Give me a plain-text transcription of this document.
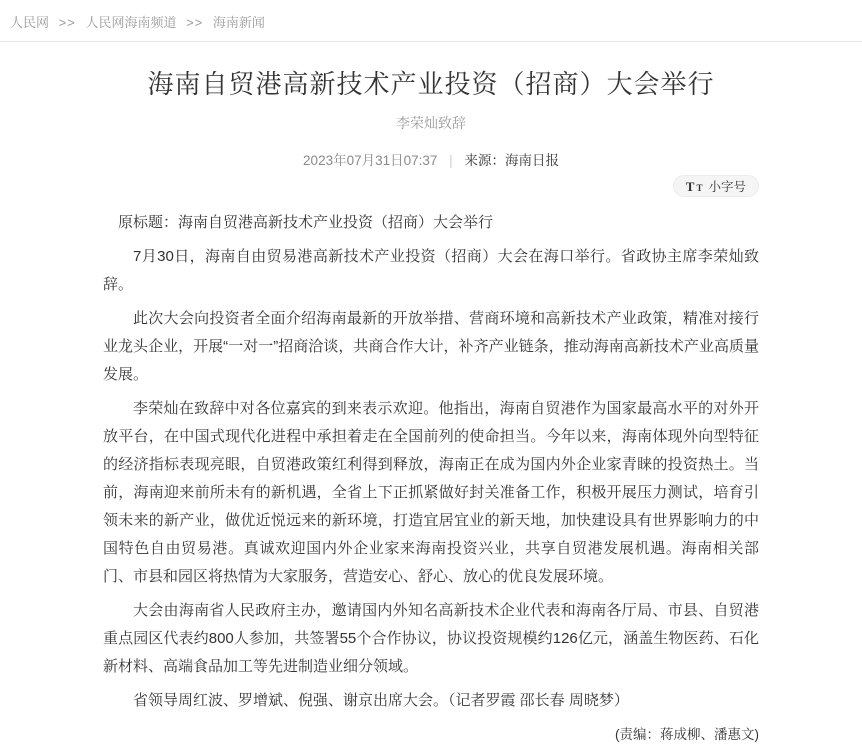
人民网 >> 人民网海南频道 >> 海南新闻
海南自贸港高新技术产业投资（招商）大会举行

李荣灿致辞

2023年07月31日07:37 | 来源：海南日报
T T 小字号

原标题：海南自贸港高新技术产业投资（招商）大会举行

7月30日，海南自由贸易港高新技术产业投资（招商）大会在海口举行。省政协主席李荣灿致辞。

此次大会向投资者全面介绍海南最新的开放举措、营商环境和高新技术产业政策，精准对接行业龙头企业，开展“一对一”招商洽谈，共商合作大计，补齐产业链条，推动海南高新技术产业高质量发展。

李荣灿在致辞中对各位嘉宾的到来表示欢迎。他指出，海南自贸港作为国家最高水平的对外开放平台，在中国式现代化进程中承担着走在全国前列的使命担当。今年以来，海南体现外向型特征的经济指标表现亮眼，自贸港政策红利得到释放，海南正在成为国内外企业家青睐的投资热土。当前，海南迎来前所未有的新机遇，全省上下正抓紧做好封关准备工作，积极开展压力测试，培育引领未来的新产业，做优近悦远来的新环境，打造宜居宜业的新天地，加快建设具有世界影响力的中国特色自由贸易港。真诚欢迎国内外企业家来海南投资兴业，共享自贸港发展机遇。海南相关部门、市县和园区将热情为大家服务，营造安心、舒心、放心的优良发展环境。

大会由海南省人民政府主办，邀请国内外知名高新技术企业代表和海南各厅局、市县、自贸港重点园区代表约800人参加，共签署55个合作协议，协议投资规模约126亿元，涵盖生物医药、石化新材料、高端食品加工等先进制造业细分领域。

省领导周红波、罗增斌、倪强、谢京出席大会。（记者罗霞 邵长春 周晓梦）

(责编：蒋成柳、潘惠文)
